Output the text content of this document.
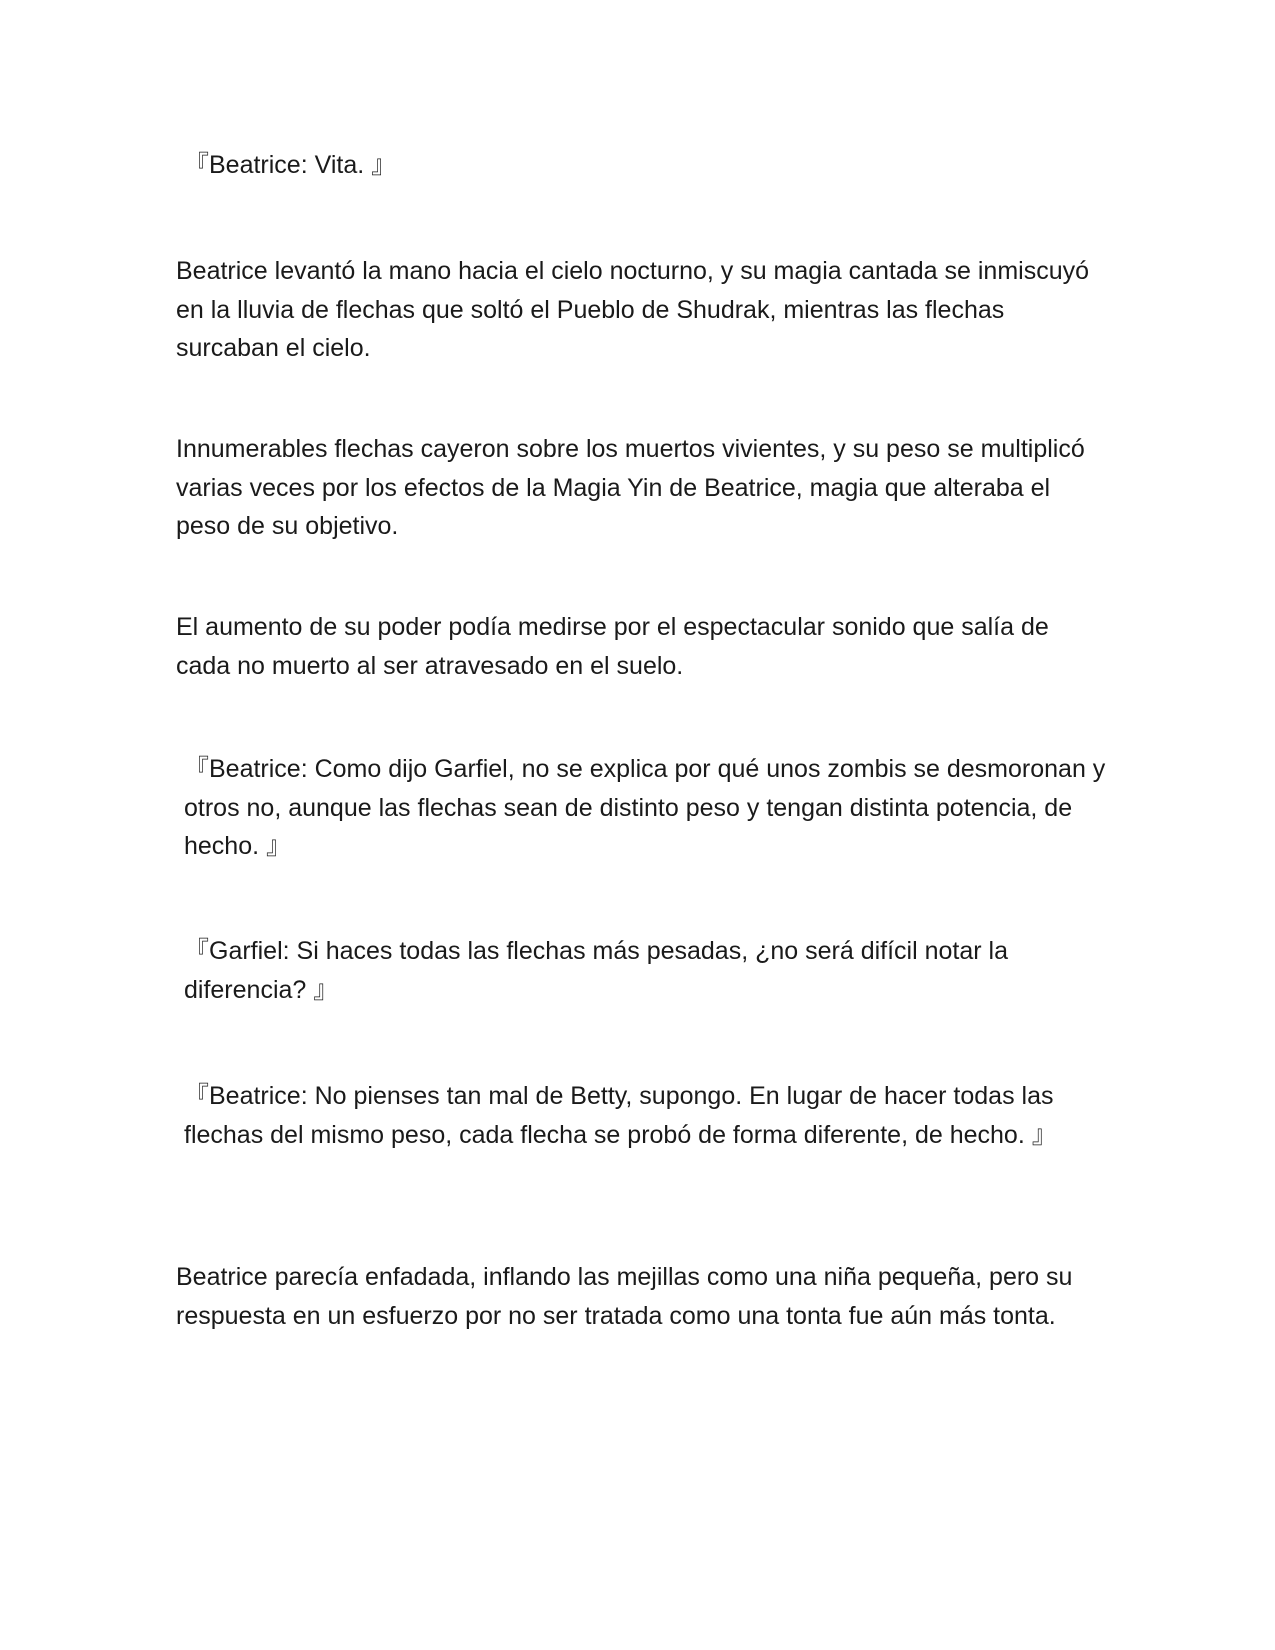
『Beatrice: Vita. 』

Beatrice levantó la mano hacia el cielo nocturno, y su magia cantada se inmiscuyó en la lluvia de flechas que soltó el Pueblo de Shudrak, mientras las flechas surcaban el cielo.

Innumerables flechas cayeron sobre los muertos vivientes, y su peso se multiplicó varias veces por los efectos de la Magia Yin de Beatrice, magia que alteraba el peso de su objetivo.

El aumento de su poder podía medirse por el espectacular sonido que salía de cada no muerto al ser atravesado en el suelo.

『Beatrice: Como dijo Garfiel, no se explica por qué unos zombis se desmoronan y otros no, aunque las flechas sean de distinto peso y tengan distinta potencia, de hecho. 』

『Garfiel: Si haces todas las flechas más pesadas, ¿no será difícil notar la diferencia? 』

『Beatrice: No pienses tan mal de Betty, supongo. En lugar de hacer todas las flechas del mismo peso, cada flecha se probó de forma diferente, de hecho. 』

Beatrice parecía enfadada, inflando las mejillas como una niña pequeña, pero su respuesta en un esfuerzo por no ser tratada como una tonta fue aún más tonta.
